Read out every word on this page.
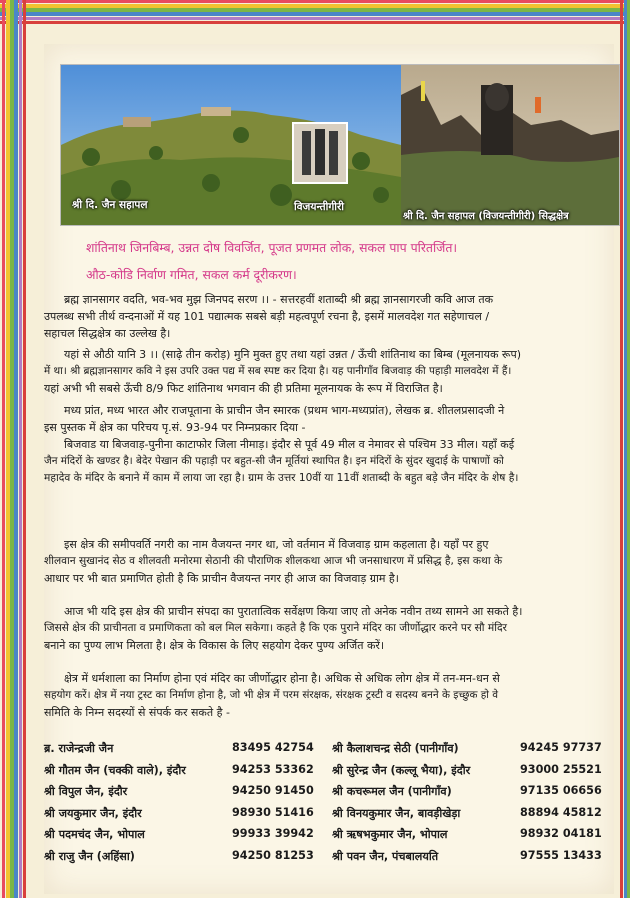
श्री दि. जैन सहापल	विजयन्तीगीरी
श्री दि. जैन सहापल (विजयन्तीगीरी) सिद्धक्षेत्र
शांतिनाथ जिनबिम्ब, उन्नत दोष विवर्जित, पूजत प्रणमत लोक, सकल पाप परितर्जित।
औठ-कोडि निर्वाण गमित, सकल कर्म दूरीकरण।

ब्रह्म ज्ञानसागर वदति, भव-भव मुझ जिनपद सरण ।। - सत्तरहवीं शताब्दी श्री ब्रह्म ज्ञानसागरजी कवि आज तक

उपलब्ध सभी तीर्थ वन्दनाओं में यह 101 पद्यात्मक सबसे बड़ी महत्वपूर्ण रचना है, इसमें मालवदेश गत सहेणाचल /

सहाचल सिद्धक्षेत्र का उल्लेख है।

यहां से औठी यानि 3 ।। (साढ़े तीन करोड़) मुनि मुक्त हुए तथा यहां उन्नत / ऊँची शांतिनाथ का बिम्ब (मूलनायक रूप)

में था। श्री ब्रह्मज्ञानसागर कवि ने इस उपरि उक्त पद्य में सब स्पष्ट कर दिया है। यह पानीगाँव बिजवाड़ की पहाड़ी मालवदेश में हैं।

यहां अभी भी सबसे ऊँची 8/9 फिट शांतिनाथ भगवान की ही प्रतिमा मूलनायक के रूप में विराजित है।

मध्य प्रांत, मध्य भारत और राजपूताना के प्राचीन जैन स्मारक (प्रथम भाग-मध्यप्रांत), लेखक ब्र. शीतलप्रसादजी ने

इस पुस्तक में क्षेत्र का परिचय पृ.सं. 93-94 पर निम्नप्रकार दिया -

बिजवाड या बिजवाड़-पुनीना काटाफोर जिला नीमाड़। इंदौर से पूर्व 49 मील व नेमावर से पश्चिम 33 मील। यहाँ कई

जैन मंदिरों के खण्डर है। बेदेर पेखान की पहाड़ी पर बहुत-सी जैन मूर्तियां स्थापित है। इन मंदिरों के सुंदर खुदाई के पाषाणों को

महादेव के मंदिर के बनाने में काम में लाया जा रहा है। ग्राम के उत्तर 10वीं या 11वीं शताब्दी के बहुत बड़े जैन मंदिर के शेष है।

इस क्षेत्र की समीपवर्ति नगरी का नाम वैजयन्त नगर था, जो वर्तमान में विजवाड़ ग्राम कहलाता है। यहाँ पर हुए

शीलवान सुखानंद सेठ व शीलवती मनोरमा सेठानी की पौराणिक शीलकथा आज भी जनसाधारण में प्रसिद्ध है, इस कथा के

आधार पर भी बात प्रमाणित होती है कि प्राचीन वैजयन्त नगर ही आज का विजवाड़ ग्राम है।

आज भी यदि इस क्षेत्र की प्राचीन संपदा का पुरातात्विक सर्वेक्षण किया जाए तो अनेक नवीन तथ्य सामने आ सकते है।

जिससे क्षेत्र की प्राचीनता व प्रमाणिकता को बल मिल सकेगा। कहते है कि एक पुराने मंदिर का जीर्णोद्धार करने पर सौ मंदिर

बनाने का पुण्य लाभ मिलता है। क्षेत्र के विकास के लिए सहयोग देकर पुण्य अर्जित करें।

क्षेत्र में धर्मशाला का निर्माण होना एवं मंदिर का जीर्णोद्धार होना है। अधिक से अधिक लोग क्षेत्र में तन-मन-धन से

सहयोग करें। क्षेत्र में नया ट्रस्ट का निर्माण होना है, जो भी क्षेत्र में परम संरक्षक, संरक्षक ट्रस्टी व सदस्य बनने के इच्छुक हो वे

समिति के निम्न सदस्यों से संपर्क कर सकते है -

ब्र. राजेन्द्रजी जैन	83495 42754 श्री कैलाशचन्द्र सेठी (पानीगाँव)	94245 97737
श्री गौतम जैन (चक्की वाले), इंदौर	94253 53362 श्री सुरेन्द्र जैन (कल्लू भैया), इंदौर	93000 25521
श्री विपुल जैन, इंदौर	94250 91450 श्री कचरूमल जैन (पानीगाँव)	97135 06656
श्री जयकुमार जैन, इंदौर	98930 51416 श्री विनयकुमार जैन, बावड़ीखेड़ा	88894 45812
श्री पदमचंद जैन, भोपाल	99933 39942 श्री ऋषभकुमार जैन, भोपाल	98932 04181
श्री राजु जैन (अहिंसा)	94250 81253 श्री पवन जैन, पंचबालयति	97555 13433
